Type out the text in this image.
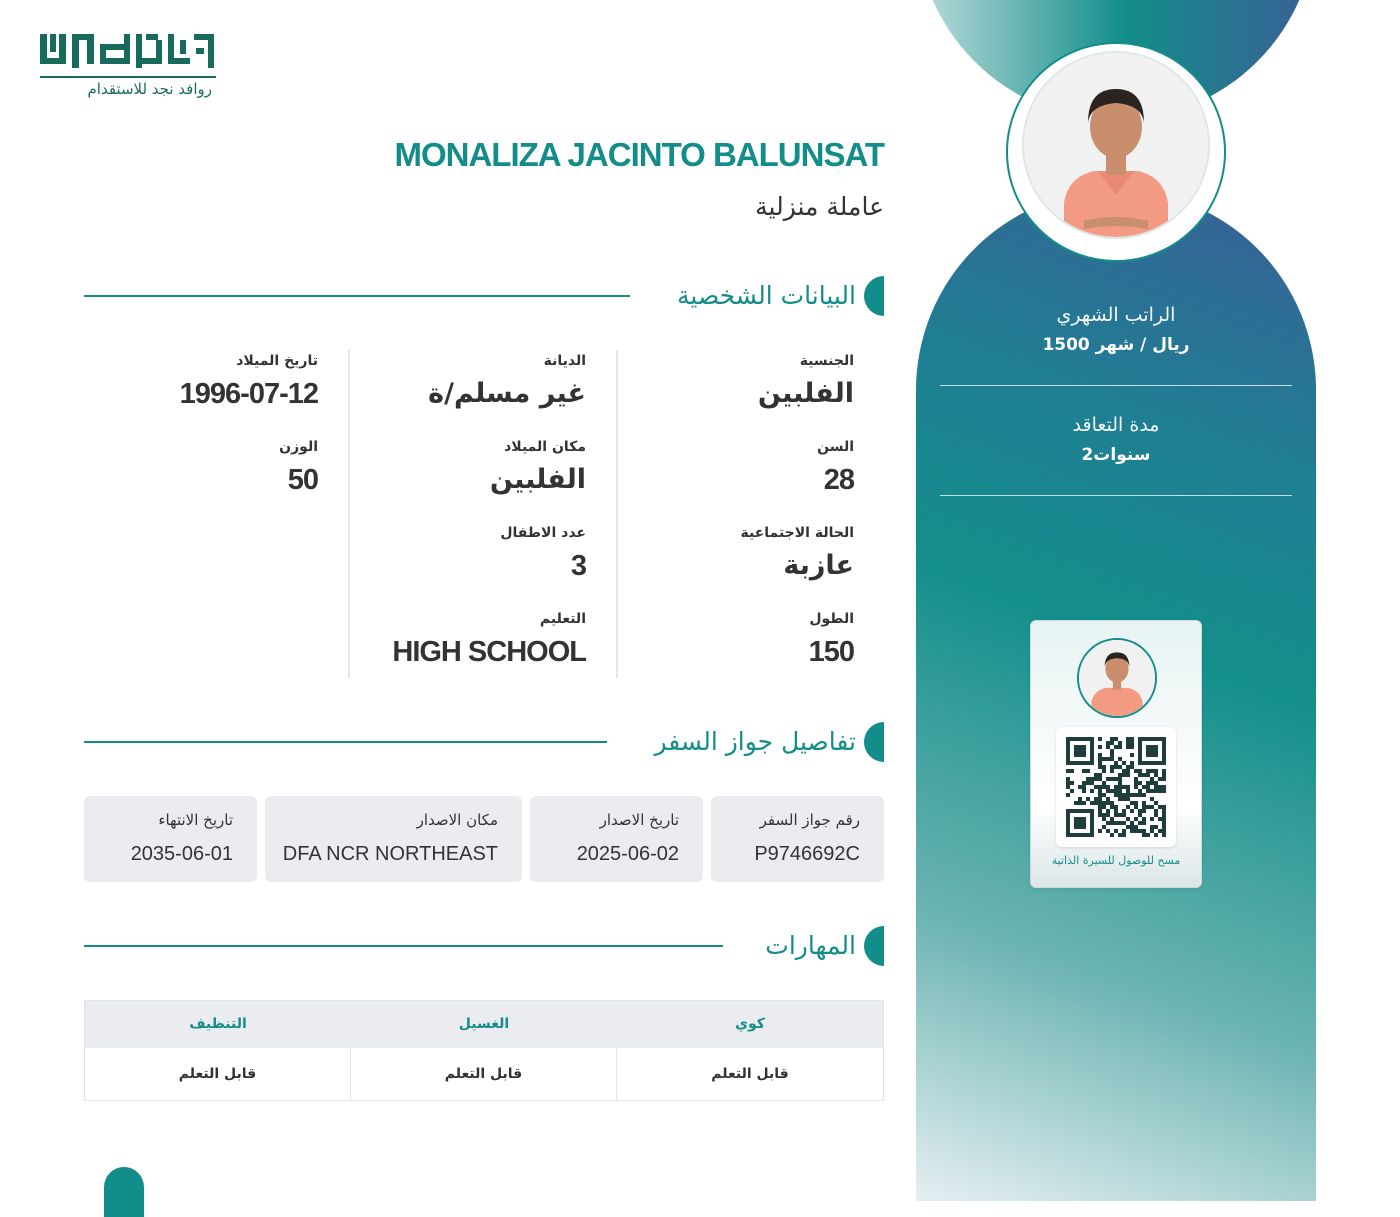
الراتب الشهري
1500 ريال / شهر
مدة التعاقد
2سنوات
مسح للوصول للسيرة الذاتية
روافد نجد للاستقدام
MONALIZA JACINTO BALUNSAT
عاملة منزلية
البيانات الشخصية
الجنسية
الفلبين
السن
28
الحالة الاجتماعية
عازبة
الطول
150
الديانة
غير مسلم/ة
مكان الميلاد
الفلبين
عدد الاطفال
3
التعليم
HIGH SCHOOL
تاريخ الميلاد
1996-07-12
الوزن
50
تفاصيل جواز السفر
رقم جواز السفر
P9746692C
تاريخ الاصدار
2025-06-02
مكان الاصدار
DFA NCR NORTHEAST
تاريخ الانتهاء
2035-06-01
المهارات
كوي
الغسيل
التنظيف
قابل التعلم
قابل التعلم
قابل التعلم
